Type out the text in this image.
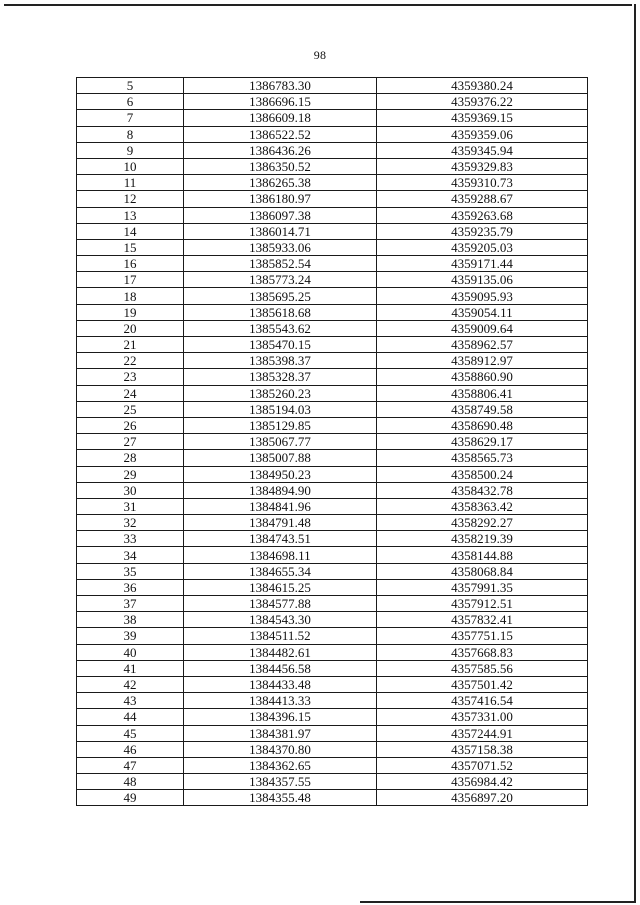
98
5	1386783.30	4359380.24
6	1386696.15	4359376.22
7	1386609.18	4359369.15
8	1386522.52	4359359.06
9	1386436.26	4359345.94
10	1386350.52	4359329.83
11	1386265.38	4359310.73
12	1386180.97	4359288.67
13	1386097.38	4359263.68
14	1386014.71	4359235.79
15	1385933.06	4359205.03
16	1385852.54	4359171.44
17	1385773.24	4359135.06
18	1385695.25	4359095.93
19	1385618.68	4359054.11
20	1385543.62	4359009.64
21	1385470.15	4358962.57
22	1385398.37	4358912.97
23	1385328.37	4358860.90
24	1385260.23	4358806.41
25	1385194.03	4358749.58
26	1385129.85	4358690.48
27	1385067.77	4358629.17
28	1385007.88	4358565.73
29	1384950.23	4358500.24
30	1384894.90	4358432.78
31	1384841.96	4358363.42
32	1384791.48	4358292.27
33	1384743.51	4358219.39
34	1384698.11	4358144.88
35	1384655.34	4358068.84
36	1384615.25	4357991.35
37	1384577.88	4357912.51
38	1384543.30	4357832.41
39	1384511.52	4357751.15
40	1384482.61	4357668.83
41	1384456.58	4357585.56
42	1384433.48	4357501.42
43	1384413.33	4357416.54
44	1384396.15	4357331.00
45	1384381.97	4357244.91
46	1384370.80	4357158.38
47	1384362.65	4357071.52
48	1384357.55	4356984.42
49	1384355.48	4356897.20
